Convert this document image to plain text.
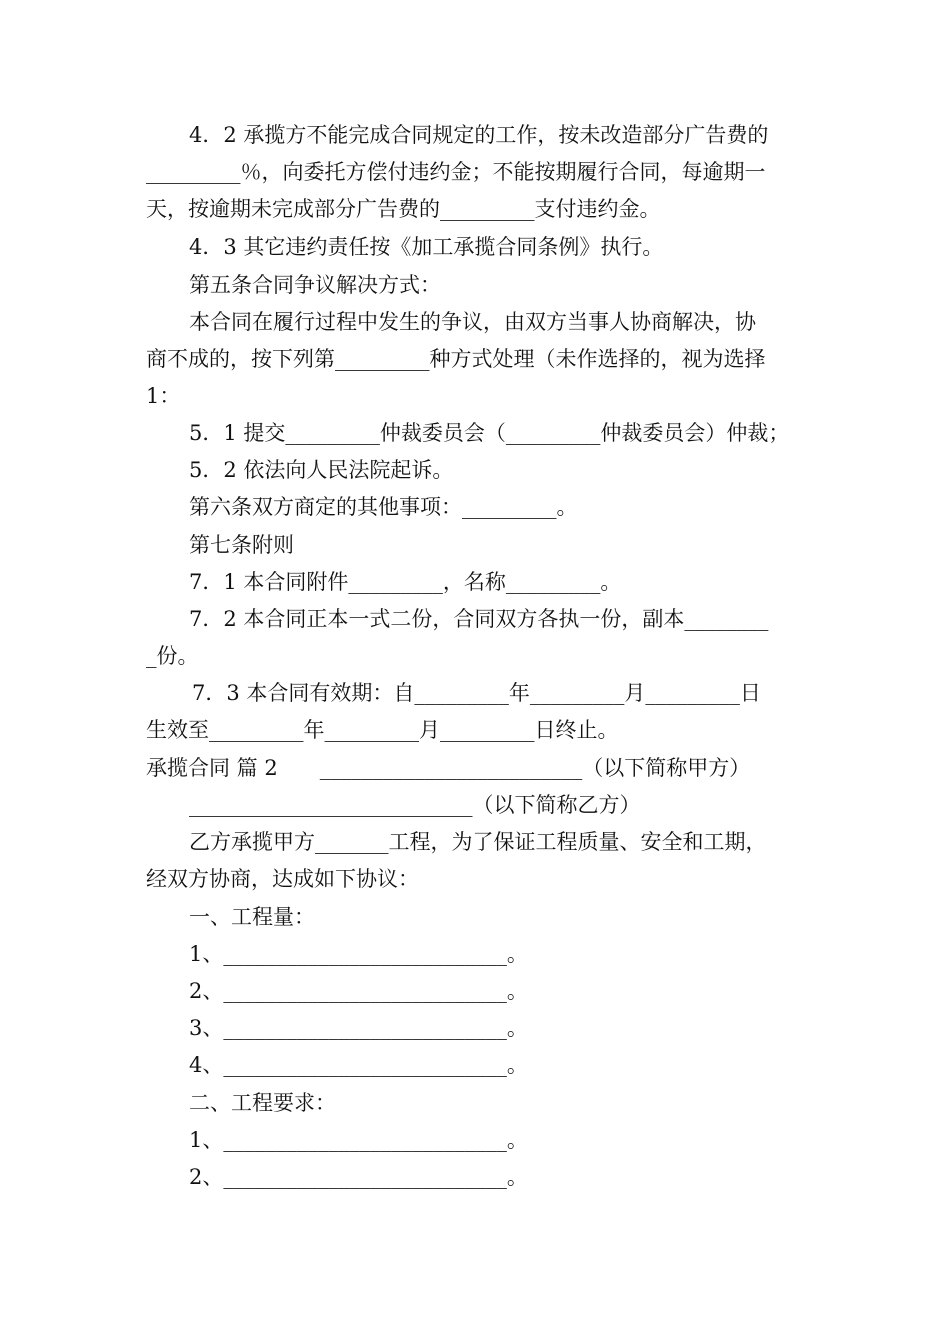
4．2 承揽方不能完成合同规定的工作，按未改造部分广告费的
_________％，向委托方偿付违约金；不能按期履行合同，每逾期一
天，按逾期未完成部分广告费的_________支付违约金。
4．3 其它违约责任按《加工承揽合同条例》执行。
第五条合同争议解决方式：
本合同在履行过程中发生的争议，由双方当事人协商解决，协
商不成的，按下列第_________种方式处理（未作选择的，视为选择
1：
5．1 提交_________仲裁委员会（_________仲裁委员会）仲裁；
5．2 依法向人民法院起诉。
第六条双方商定的其他事项：_________。
第七条附则
7．1 本合同附件_________，名称_________。
7．2 本合同正本一式二份，合同双方各执一份，副本________
_份。
7．3 本合同有效期：自_________年_________月_________日
生效至_________年_________月_________日终止。
承揽合同 篇 2　　_________________________（以下简称甲方）
___________________________（以下简称乙方）
乙方承揽甲方_______工程，为了保证工程质量、安全和工期，
经双方协商，达成如下协议：
一、工程量：
1、___________________________。
2、___________________________。
3、___________________________。
4、___________________________。
二、工程要求：
1、___________________________。
2、___________________________。
